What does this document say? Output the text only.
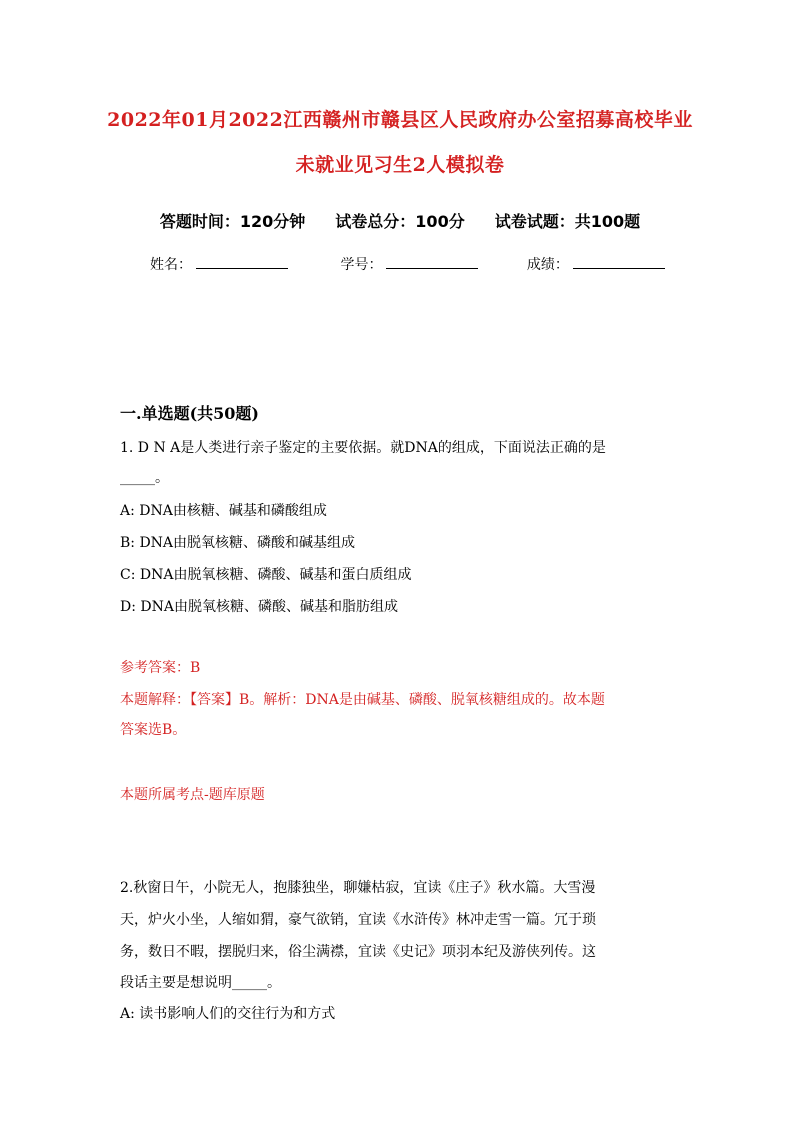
2022年01月2022江西赣州市赣县区人民政府办公室招募高校毕业
未就业见习生2人模拟卷
答题时间：120分钟 试卷总分：100分 试卷试题：共100题
姓名：	学号：	成绩：
一.单选题(共50题)
1. D N A是人类进行亲子鉴定的主要依据。就DNA的组成，下面说法正确的是
_____。
A: DNA由核糖、碱基和磷酸组成
B: DNA由脱氧核糖、磷酸和碱基组成
C: DNA由脱氧核糖、磷酸、碱基和蛋白质组成
D: DNA由脱氧核糖、磷酸、碱基和脂肪组成
参考答案：B
本题解释：【答案】B。解析：DNA是由碱基、磷酸、脱氧核糖组成的。故本题
答案选B。
本题所属考点-题库原题
2.秋窗日午，小院无人，抱膝独坐，聊嫌枯寂，宜读《庄子》秋水篇。大雪漫
天，炉火小坐，人缩如猬，豪气欲销，宜读《水浒传》林冲走雪一篇。冗于琐
务，数日不暇，摆脱归来，俗尘满襟，宜读《史记》项羽本纪及游侠列传。这
段话主要是想说明_____。
A: 读书影响人们的交往行为和方式
